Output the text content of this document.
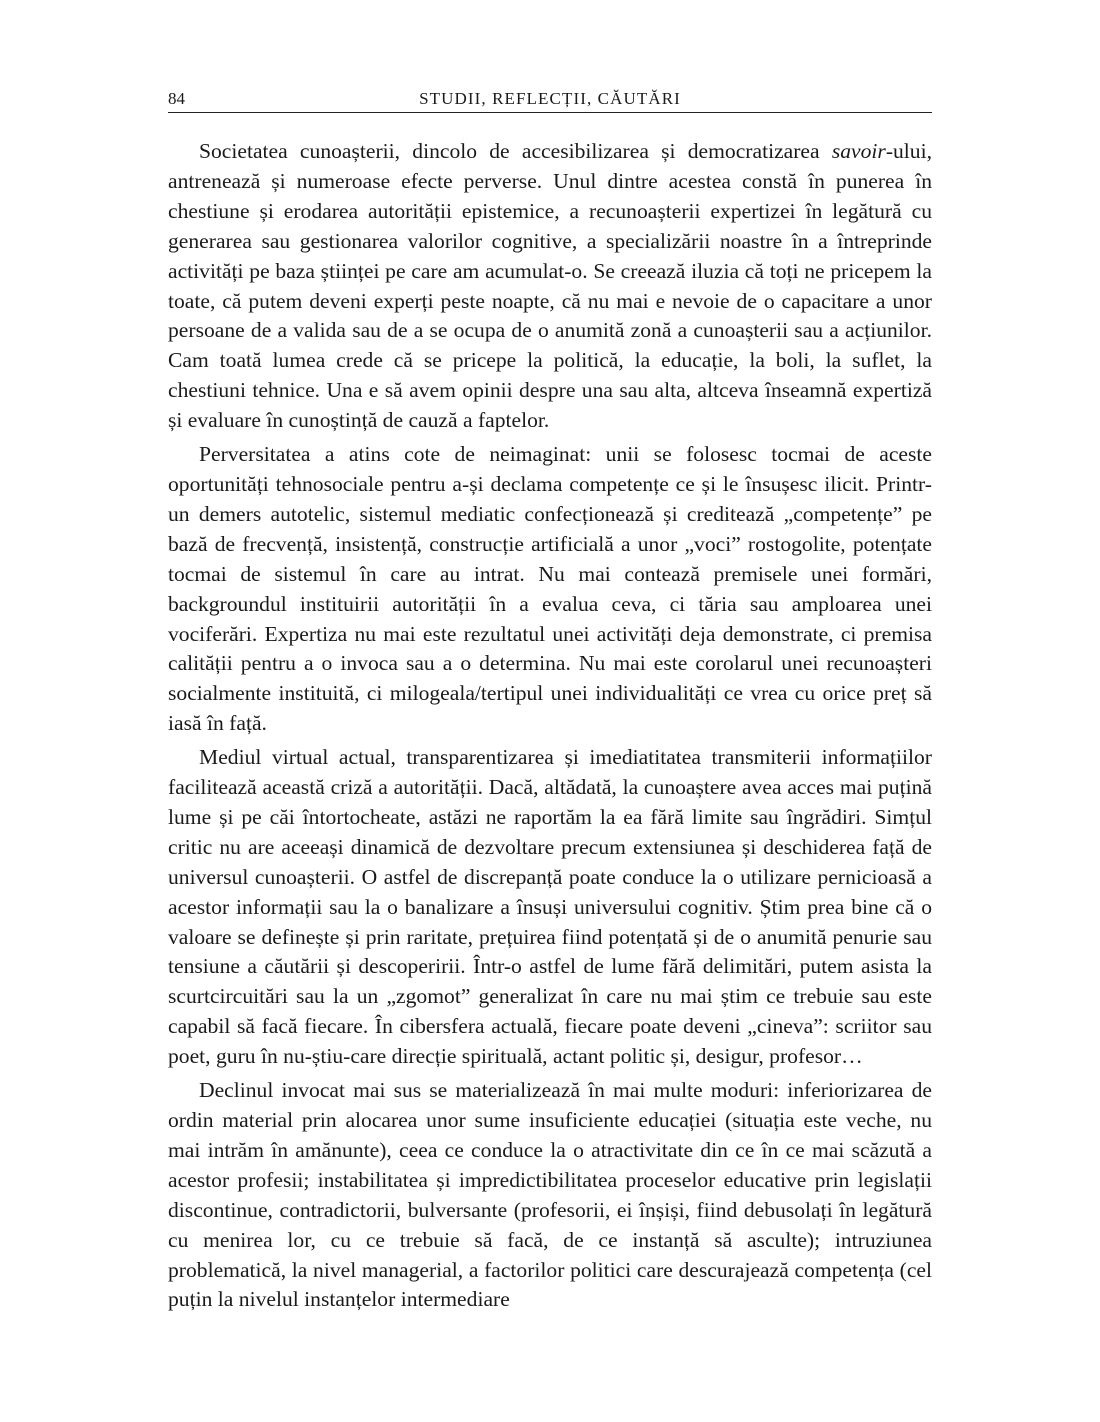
84	STUDII, REFLECȚII, CĂUTĂRI

Societatea cunoașterii, dincolo de accesibilizarea și democratizarea savoir-ului, antrenează și numeroase efecte perverse. Unul dintre acestea constă în punerea în chestiune și erodarea autorității epistemice, a recunoașterii expertizei în legătură cu generarea sau gestionarea valorilor cognitive, a specializării noastre în a întreprinde activități pe baza științei pe care am acumulat-o. Se creează iluzia că toți ne pricepem la toate, că putem deveni experți peste noapte, că nu mai e nevoie de o capacitare a unor persoane de a valida sau de a se ocupa de o anumită zonă a cunoașterii sau a acțiunilor. Cam toată lumea crede că se pricepe la politică, la educație, la boli, la suflet, la chestiuni tehnice. Una e să avem opinii despre una sau alta, altceva înseamnă expertiză și evaluare în cunoștință de cauză a faptelor.

Perversitatea a atins cote de neimaginat: unii se folosesc tocmai de aceste oportunități tehnosociale pentru a-și declama competențe ce și le însușesc ilicit. Printr-un demers autotelic, sistemul mediatic confecționează și creditează „competențe” pe bază de frecvență, insistență, construcție artificială a unor „voci” rostogolite, potențate tocmai de sistemul în care au intrat. Nu mai contează premisele unei formări, backgroundul instituirii autorității în a evalua ceva, ci tăria sau amploarea unei vociferări. Expertiza nu mai este rezultatul unei activități deja demonstrate, ci premisa calității pentru a o invoca sau a o determina. Nu mai este corolarul unei recunoașteri socialmente instituită, ci milogeala/tertipul unei individualități ce vrea cu orice preț să iasă în față.

Mediul virtual actual, transparentizarea și imediatitatea transmiterii informațiilor facilitează această criză a autorității. Dacă, altădată, la cunoaștere avea acces mai puțină lume și pe căi întortocheate, astăzi ne raportăm la ea fără limite sau îngrădiri. Simțul critic nu are aceeași dinamică de dezvoltare precum extensiunea și deschiderea față de universul cunoașterii. O astfel de discrepanță poate conduce la o utilizare pernicioasă a acestor informații sau la o banalizare a însuși universului cognitiv. Știm prea bine că o valoare se definește și prin raritate, prețuirea fiind potențată și de o anumită penurie sau tensiune a căutării și descoperirii. Într-o astfel de lume fără delimitări, putem asista la scurtcircuitări sau la un „zgomot” generalizat în care nu mai știm ce trebuie sau este capabil să facă fiecare. În cibersfera actuală, fiecare poate deveni „cineva”: scriitor sau poet, guru în nu-știu-care direcție spirituală, actant politic și, desigur, profesor…

Declinul invocat mai sus se materializează în mai multe moduri: inferiorizarea de ordin material prin alocarea unor sume insuficiente educației (situația este veche, nu mai intrăm în amănunte), ceea ce conduce la o atractivitate din ce în ce mai scăzută a acestor profesii; instabilitatea și impredictibilitatea proceselor educative prin legislații discontinue, contradictorii, bulversante (profesorii, ei înșiși, fiind debusolați în legătură cu menirea lor, cu ce trebuie să facă, de ce instanță să asculte); intruziunea problematică, la nivel managerial, a factorilor politici care descurajează competența (cel puțin la nivelul instanțelor intermediare
